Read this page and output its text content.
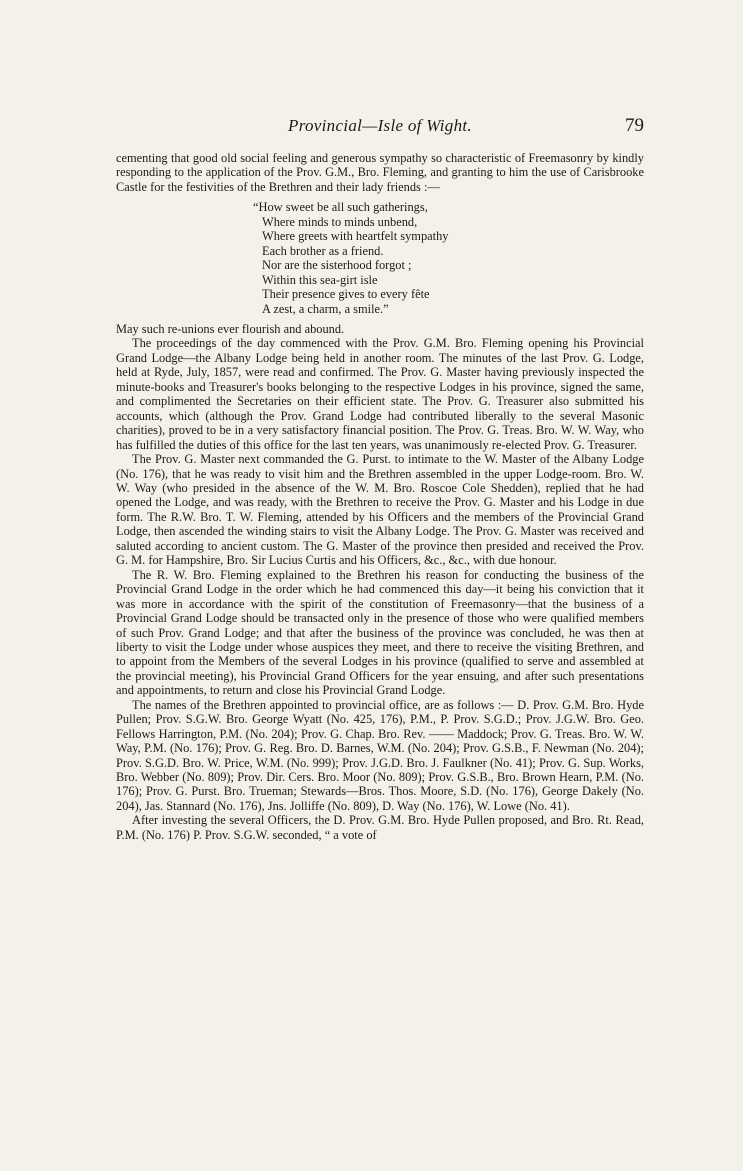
Provincial—Isle of Wight.	79

cementing that good old social feeling and generous sympathy so characteristic of Freemasonry by kindly responding to the application of the Prov. G.M., Bro. Fleming, and granting to him the use of Carisbrooke Castle for the festivities of the Brethren and their lady friends :—

“How sweet be all such gatherings,
Where minds to minds unbend,
Where greets with heartfelt sympathy
Each brother as a friend.
Nor are the sisterhood forgot ;
Within this sea-girt isle
Their presence gives to every fête
A zest, a charm, a smile.”

May such re-unions ever flourish and abound.

The proceedings of the day commenced with the Prov. G.M. Bro. Fleming opening his Provincial Grand Lodge—the Albany Lodge being held in another room. The minutes of the last Prov. G. Lodge, held at Ryde, July, 1857, were read and confirmed. The Prov. G. Master having previously inspected the minute-books and Treasurer's books belonging to the respective Lodges in his province, signed the same, and complimented the Secretaries on their efficient state. The Prov. G. Treasurer also submitted his accounts, which (although the Prov. Grand Lodge had contributed liberally to the several Masonic charities), proved to be in a very satisfactory financial position. The Prov. G. Treas. Bro. W. W. Way, who has fulfilled the duties of this office for the last ten years, was unanimously re-elected Prov. G. Treasurer.

The Prov. G. Master next commanded the G. Purst. to intimate to the W. Master of the Albany Lodge (No. 176), that he was ready to visit him and the Brethren assembled in the upper Lodge-room. Bro. W. W. Way (who presided in the absence of the W. M. Bro. Roscoe Cole Shedden), replied that he had opened the Lodge, and was ready, with the Brethren to receive the Prov. G. Master and his Lodge in due form. The R.W. Bro. T. W. Fleming, attended by his Officers and the members of the Provincial Grand Lodge, then ascended the winding stairs to visit the Albany Lodge. The Prov. G. Master was received and saluted according to ancient custom. The G. Master of the province then presided and received the Prov. G. M. for Hampshire, Bro. Sir Lucius Curtis and his Officers, &c., &c., with due honour.

The R. W. Bro. Fleming explained to the Brethren his reason for conducting the business of the Provincial Grand Lodge in the order which he had commenced this day—it being his conviction that it was more in accordance with the spirit of the constitution of Freemasonry—that the business of a Provincial Grand Lodge should be transacted only in the presence of those who were qualified members of such Prov. Grand Lodge; and that after the business of the province was concluded, he was then at liberty to visit the Lodge under whose auspices they meet, and there to receive the visiting Brethren, and to appoint from the Members of the several Lodges in his province (qualified to serve and assembled at the provincial meeting), his Provincial Grand Officers for the year ensuing, and after such presentations and appointments, to return and close his Provincial Grand Lodge.

The names of the Brethren appointed to provincial office, are as follows :— D. Prov. G.M. Bro. Hyde Pullen; Prov. S.G.W. Bro. George Wyatt (No. 425, 176), P.M., P. Prov. S.G.D.; Prov. J.G.W. Bro. Geo. Fellows Harrington, P.M. (No. 204); Prov. G. Chap. Bro. Rev. —— Maddock; Prov. G. Treas. Bro. W. W. Way, P.M. (No. 176); Prov. G. Reg. Bro. D. Barnes, W.M. (No. 204); Prov. G.S.B., F. Newman (No. 204); Prov. S.G.D. Bro. W. Price, W.M. (No. 999); Prov. J.G.D. Bro. J. Faulkner (No. 41); Prov. G. Sup. Works, Bro. Webber (No. 809); Prov. Dir. Cers. Bro. Moor (No. 809); Prov. G.S.B., Bro. Brown Hearn, P.M. (No. 176); Prov. G. Purst. Bro. Trueman; Stewards—Bros. Thos. Moore, S.D. (No. 176), George Dakely (No. 204), Jas. Stannard (No. 176), Jns. Jolliffe (No. 809), D. Way (No. 176), W. Lowe (No. 41).

After investing the several Officers, the D. Prov. G.M. Bro. Hyde Pullen proposed, and Bro. Rt. Read, P.M. (No. 176) P. Prov. S.G.W. seconded, “ a vote of
